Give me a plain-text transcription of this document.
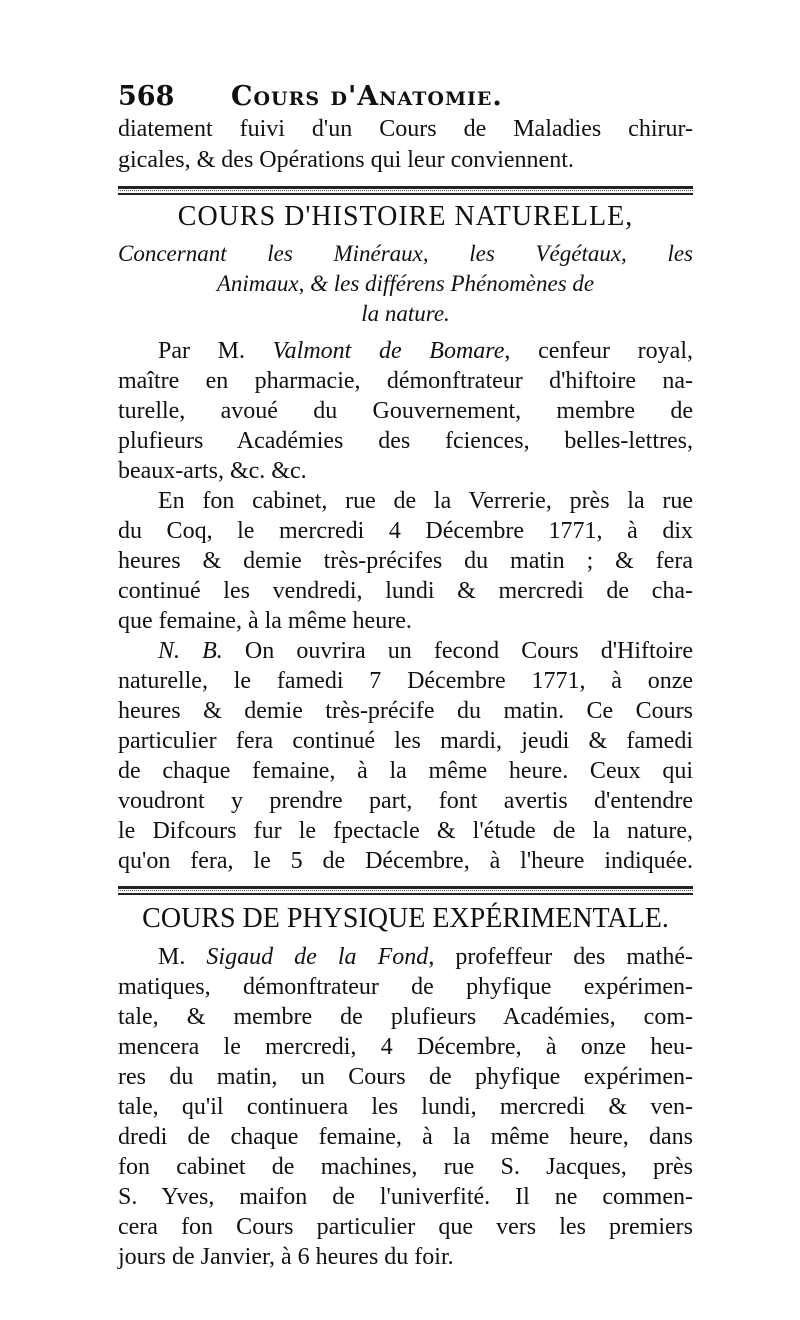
568 Cours d'Anatomie.
diatement fuivi d'un Cours de Maladies chirur-
gicales, & des Opérations qui leur conviennent.
COURS D'HISTOIRE NATURELLE,
Concernant les Minéraux, les Végétaux, les
Animaux, & les différens Phénomènes de
la nature.
Par M. Valmont de Bomare, cenfeur royal,
maître en pharmacie, démonftrateur d'hiftoire na-
turelle, avoué du Gouvernement, membre de
plufieurs Académies des fciences, belles-lettres,
beaux-arts, &c. &c.
En fon cabinet, rue de la Verrerie, près la rue
du Coq, le mercredi 4 Décembre 1771, à dix
heures & demie très-précifes du matin ; & fera
continué les vendredi, lundi & mercredi de cha-
que femaine, à la même heure.
N. B. On ouvrira un fecond Cours d'Hiftoire
naturelle, le famedi 7 Décembre 1771, à onze
heures & demie très-précife du matin. Ce Cours
particulier fera continué les mardi, jeudi & famedi
de chaque femaine, à la même heure. Ceux qui
voudront y prendre part, font avertis d'entendre
le Difcours fur le fpectacle & l'étude de la nature,
qu'on fera, le 5 de Décembre, à l'heure indiquée.
COURS DE PHYSIQUE EXPÉRIMENTALE.
M. Sigaud de la Fond, profeffeur des mathé-
matiques, démonftrateur de phyfique expérimen-
tale, & membre de plufieurs Académies, com-
mencera le mercredi, 4 Décembre, à onze heu-
res du matin, un Cours de phyfique expérimen-
tale, qu'il continuera les lundi, mercredi & ven-
dredi de chaque femaine, à la même heure, dans
fon cabinet de machines, rue S. Jacques, près
S. Yves, maifon de l'univerfité. Il ne commen-
cera fon Cours particulier que vers les premiers
jours de Janvier, à 6 heures du foir.
